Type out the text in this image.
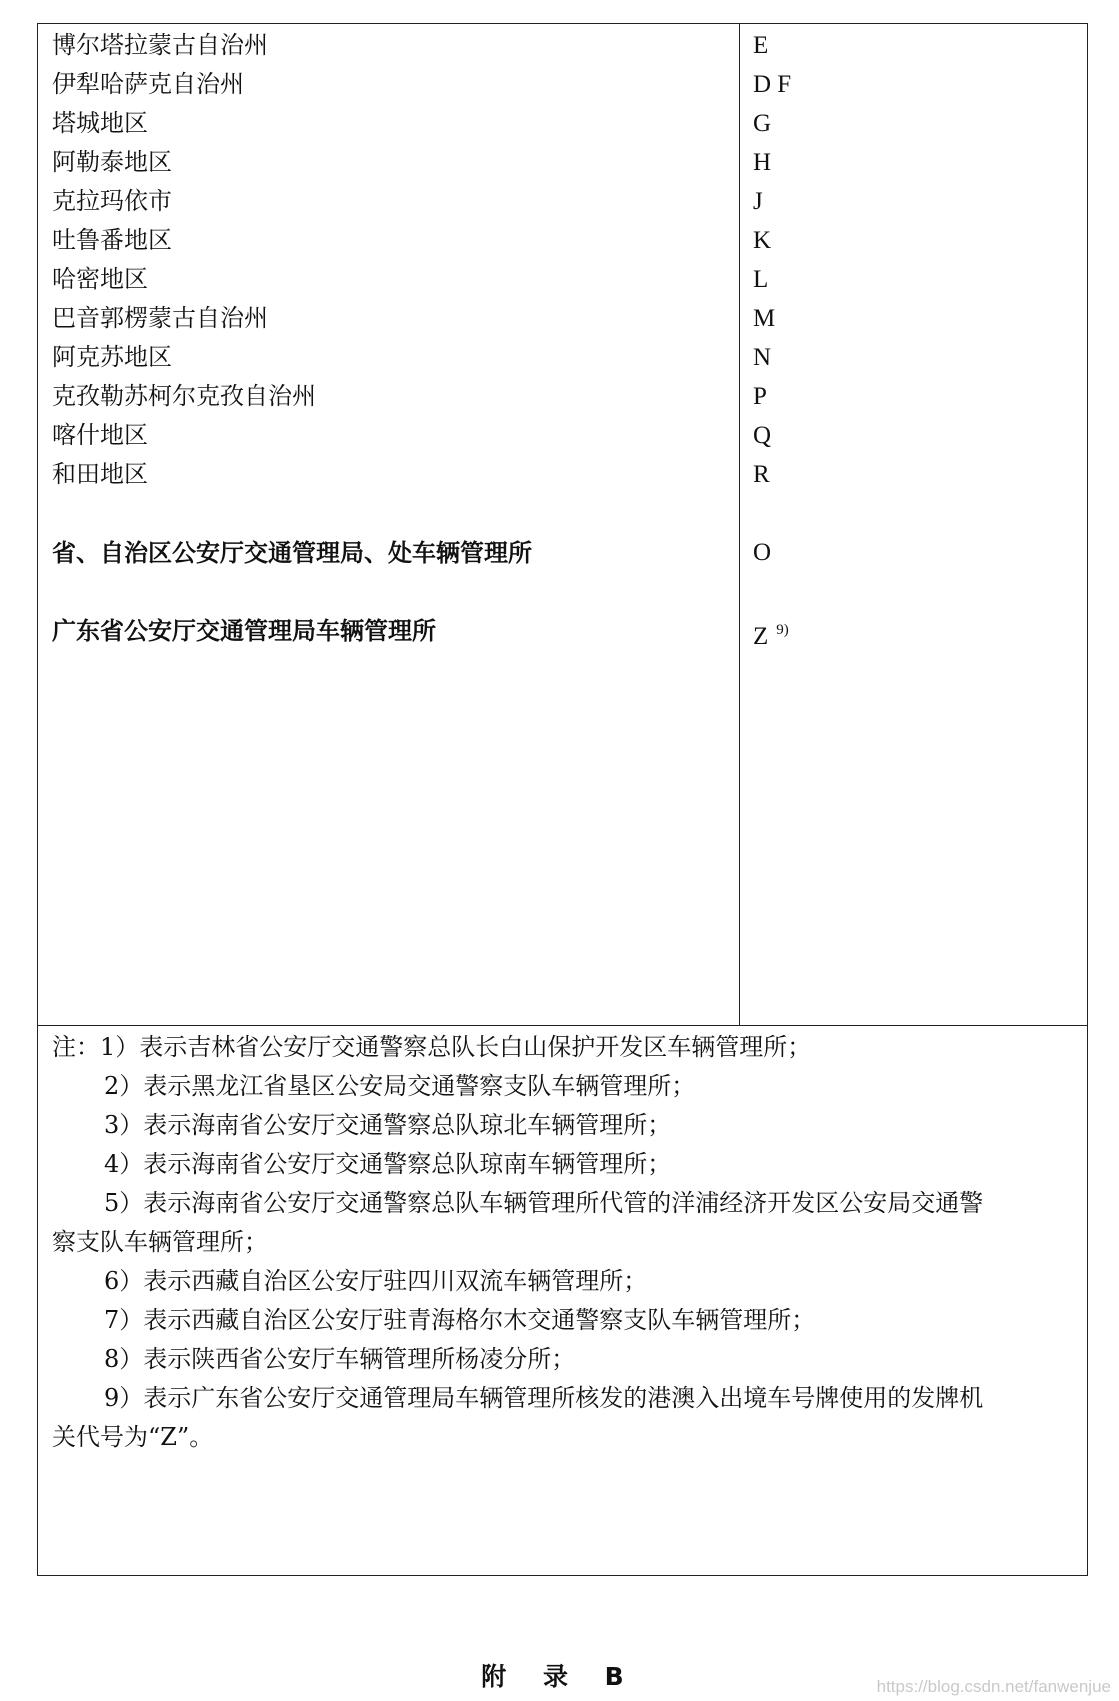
博尔塔拉蒙古自治州
伊犁哈萨克自治州
塔城地区
阿勒泰地区
克拉玛依市
吐鲁番地区
哈密地区
巴音郭楞蒙古自治州
阿克苏地区
克孜勒苏柯尔克孜自治州
喀什地区
和田地区
省、自治区公安厅交通管理局、处车辆管理所
广东省公安厅交通管理局车辆管理所
E
D F
G
H
J
K
L
M
N
P
Q
R
O
Z $^{9)}$
注：1）表示吉林省公安厅交通警察总队长白山保护开发区车辆管理所；
2）表示黑龙江省垦区公安局交通警察支队车辆管理所；
3）表示海南省公安厅交通警察总队琼北车辆管理所；
4）表示海南省公安厅交通警察总队琼南车辆管理所；
5）表示海南省公安厅交通警察总队车辆管理所代管的洋浦经济开发区公安局交通警
察支队车辆管理所；
6）表示西藏自治区公安厅驻四川双流车辆管理所；
7）表示西藏自治区公安厅驻青海格尔木交通警察支队车辆管理所；
8）表示陕西省公安厅车辆管理所杨凌分所；
9）表示广东省公安厅交通管理局车辆管理所核发的港澳入出境车号牌使用的发牌机
关代号为“Z”。
附 录 B	https://blog.csdn.net/fanwenjue
